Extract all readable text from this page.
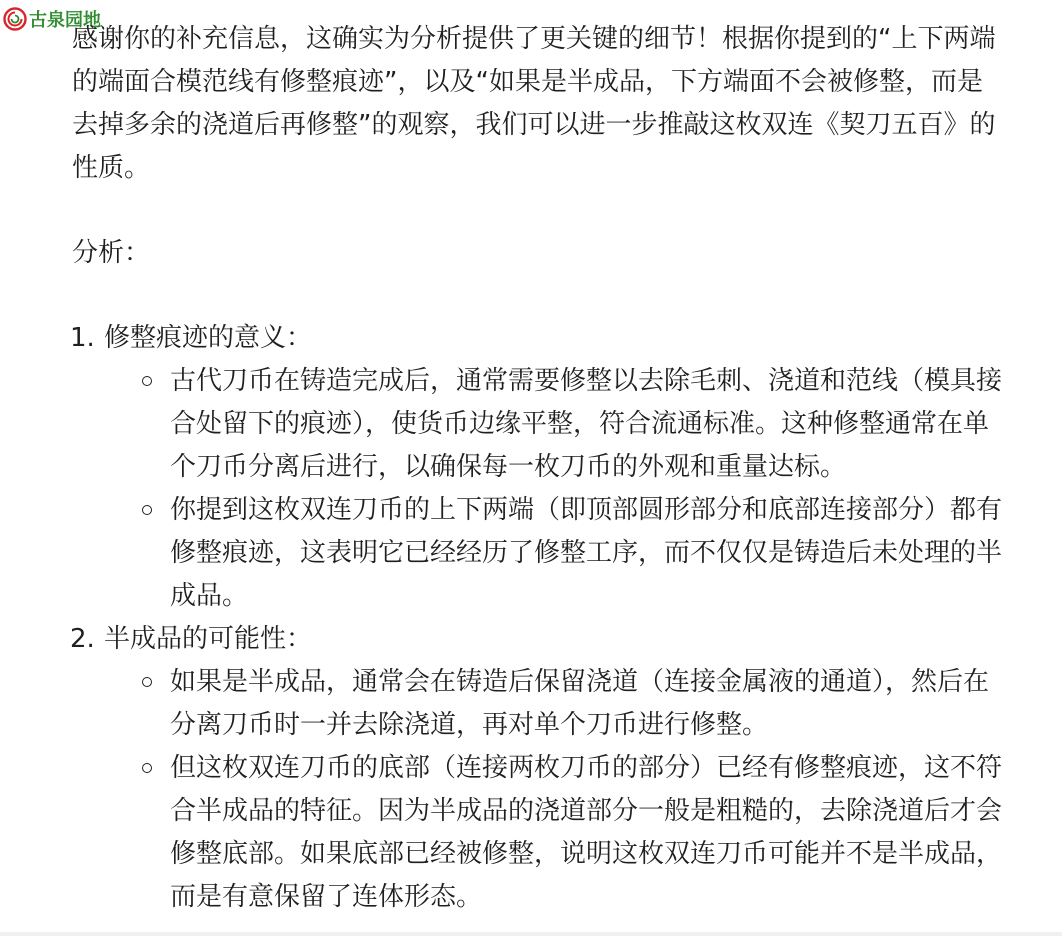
古泉园地

感谢你的补充信息，这确实为分析提供了更关键的细节！根据你提到的“上下两端的端面合模范线有修整痕迹”，以及“如果是半成品，下方端面不会被修整，而是去掉多余的浇道后再修整”的观察，我们可以进一步推敲这枚双连《契刀五百》的性质。

分析：

1. 修整痕迹的意义：
古代刀币在铸造完成后，通常需要修整以去除毛刺、浇道和范线（模具接合处留下的痕迹），使货币边缘平整，符合流通标准。这种修整通常在单个刀币分离后进行，以确保每一枚刀币的外观和重量达标。
你提到这枚双连刀币的上下两端（即顶部圆形部分和底部连接部分）都有修整痕迹，这表明它已经经历了修整工序，而不仅仅是铸造后未处理的半成品。
2. 半成品的可能性：
如果是半成品，通常会在铸造后保留浇道（连接金属液的通道），然后在分离刀币时一并去除浇道，再对单个刀币进行修整。
但这枚双连刀币的底部（连接两枚刀币的部分）已经有修整痕迹，这不符合半成品的特征。因为半成品的浇道部分一般是粗糙的，去除浇道后才会修整底部。如果底部已经被修整，说明这枚双连刀币可能并不是半成品，而是有意保留了连体形态。
